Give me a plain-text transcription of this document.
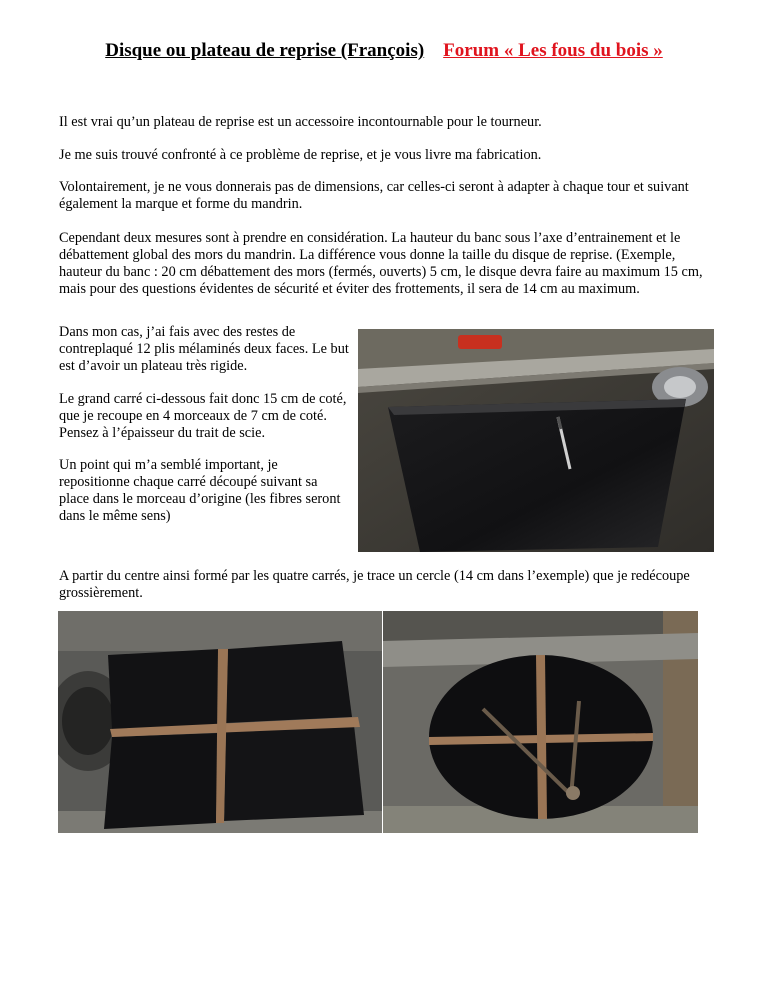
Disque ou plateau de reprise (François) Forum « Les fous du bois »

Il est vrai qu’un plateau de reprise est un accessoire incontournable pour le tourneur.

Je me suis trouvé confronté à ce problème de reprise, et je vous livre ma fabrication.

Volontairement, je ne vous donnerais pas de dimensions, car celles-ci seront à adapter à chaque tour et suivant également la marque et forme du mandrin.

Cependant deux mesures sont à prendre en considération. La hauteur du banc sous l’axe d’entrainement et le débattement global des mors du mandrin. La différence vous donne la taille du disque de reprise. (Exemple, hauteur du banc : 20 cm débattement des mors (fermés, ouverts) 5 cm, le disque devra faire au maximum 15 cm, mais pour des questions évidentes de sécurité et éviter des frottements, il sera de 14 cm au maximum.

Dans mon cas, j’ai fais avec des restes de contreplaqué 12 plis mélaminés deux faces. Le but est d’avoir un plateau très rigide.

Le grand carré ci-dessous fait donc 15 cm de coté, que je recoupe en 4 morceaux de 7 cm de coté. Pensez à l’épaisseur du trait de scie.

Un point qui m’a semblé important, je repositionne chaque carré découpé suivant sa place dans le morceau d’origine (les fibres seront dans le même sens)

A partir du centre ainsi formé par les quatre carrés, je trace un cercle (14 cm dans l’exemple) que je redécoupe grossièrement.
